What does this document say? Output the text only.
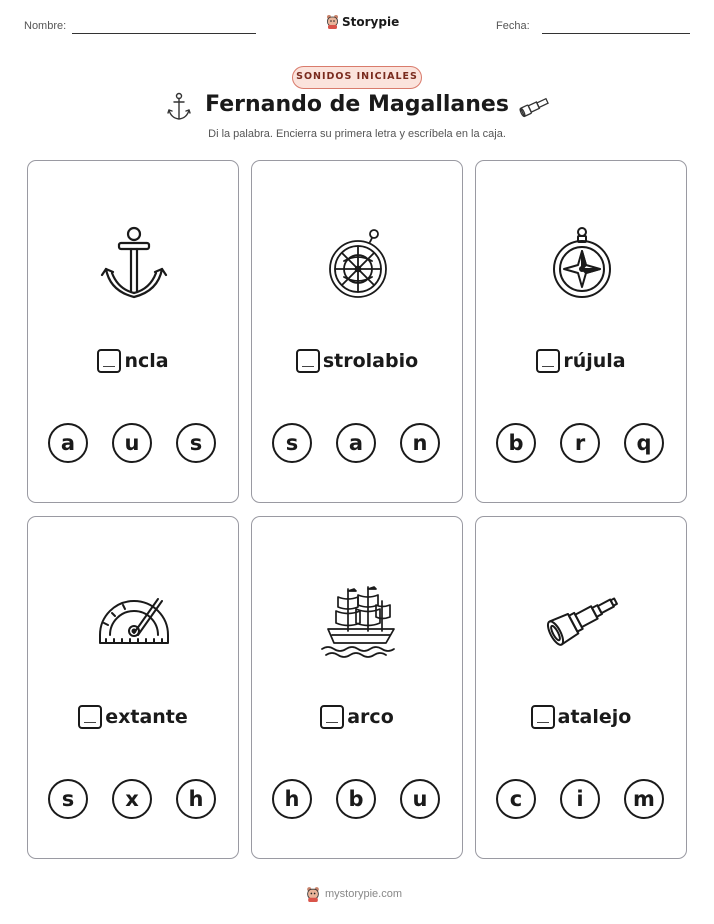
Nombre:	Storypie	Fecha:
SONIDOS INICIALES
Fernando de Magallanes
Di la palabra. Encierra su primera letra y escríbela en la caja.
ncla
a	u	s
strolabio
s	a	n
rújula
b	r	q
extante
s	x	h
arco
h	b	u
atalejo
c	i	m
mystorypie.com
